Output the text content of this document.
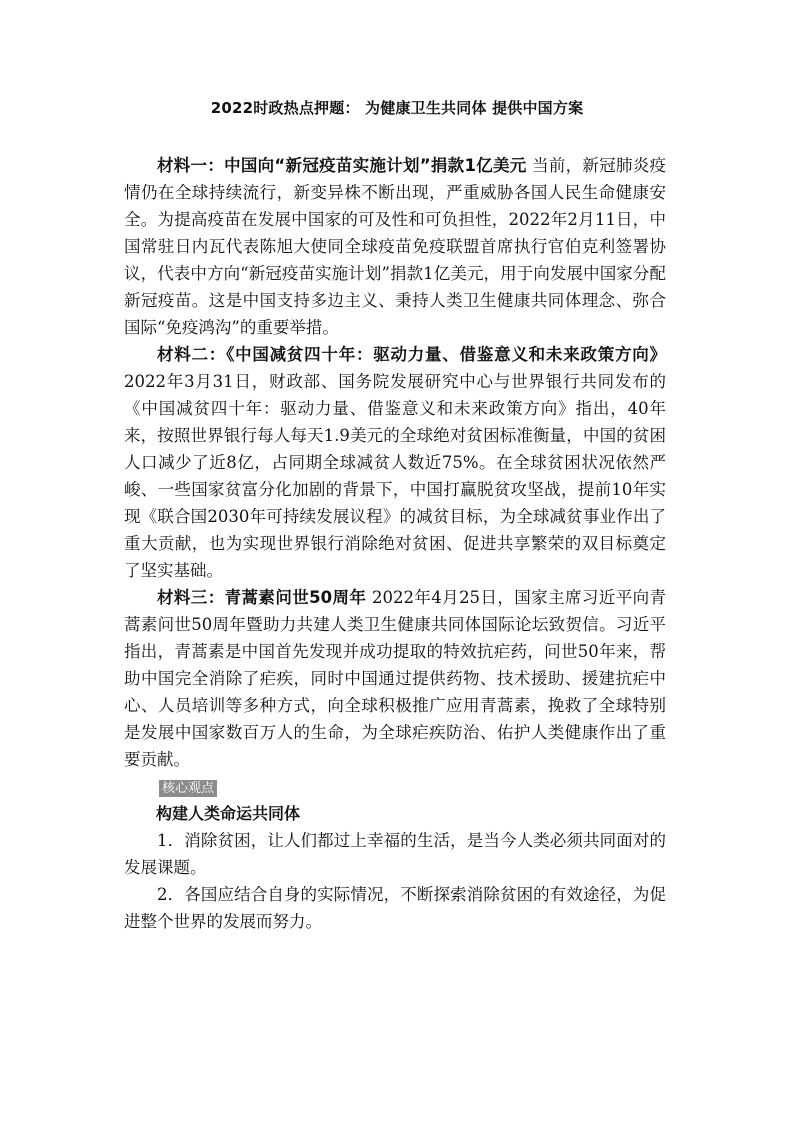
2022时政热点押题： 为健康卫生共同体 提供中国方案

材料一：中国向“新冠疫苗实施计划”捐款1亿美元 当前，新冠肺炎疫情仍在全球持续流行，新变异株不断出现，严重威胁各国人民生命健康安全。为提高疫苗在发展中国家的可及性和可负担性，2022年2月11日，中国常驻日内瓦代表陈旭大使同全球疫苗免疫联盟首席执行官伯克利签署协议，代表中方向“新冠疫苗实施计划”捐款1亿美元，用于向发展中国家分配新冠疫苗。这是中国支持多边主义、秉持人类卫生健康共同体理念、弥合国际“免疫鸿沟”的重要举措。

材料二：《中国减贫四十年：驱动力量、借鉴意义和未来政策方向》 2022年3月31日，财政部、国务院发展研究中心与世界银行共同发布的《中国减贫四十年：驱动力量、借鉴意义和未来政策方向》指出，40年来，按照世界银行每人每天1.9美元的全球绝对贫困标准衡量，中国的贫困人口减少了近8亿，占同期全球减贫人数近75%。在全球贫困状况依然严峻、一些国家贫富分化加剧的背景下，中国打赢脱贫攻坚战，提前10年实现《联合国2030年可持续发展议程》的减贫目标，为全球减贫事业作出了重大贡献，也为实现世界银行消除绝对贫困、促进共享繁荣的双目标奠定了坚实基础。

材料三：青蒿素问世50周年 2022年4月25日，国家主席习近平向青蒿素问世50周年暨助力共建人类卫生健康共同体国际论坛致贺信。习近平指出，青蒿素是中国首先发现并成功提取的特效抗疟药，问世50年来，帮助中国完全消除了疟疾，同时中国通过提供药物、技术援助、援建抗疟中心、人员培训等多种方式，向全球积极推广应用青蒿素，挽救了全球特别是发展中国家数百万人的生命，为全球疟疾防治、佑护人类健康作出了重要贡献。

核心观点

构建人类命运共同体

1．消除贫困，让人们都过上幸福的生活，是当今人类必须共同面对的发展课题。

2．各国应结合自身的实际情况，不断探索消除贫困的有效途径，为促进整个世界的发展而努力。
